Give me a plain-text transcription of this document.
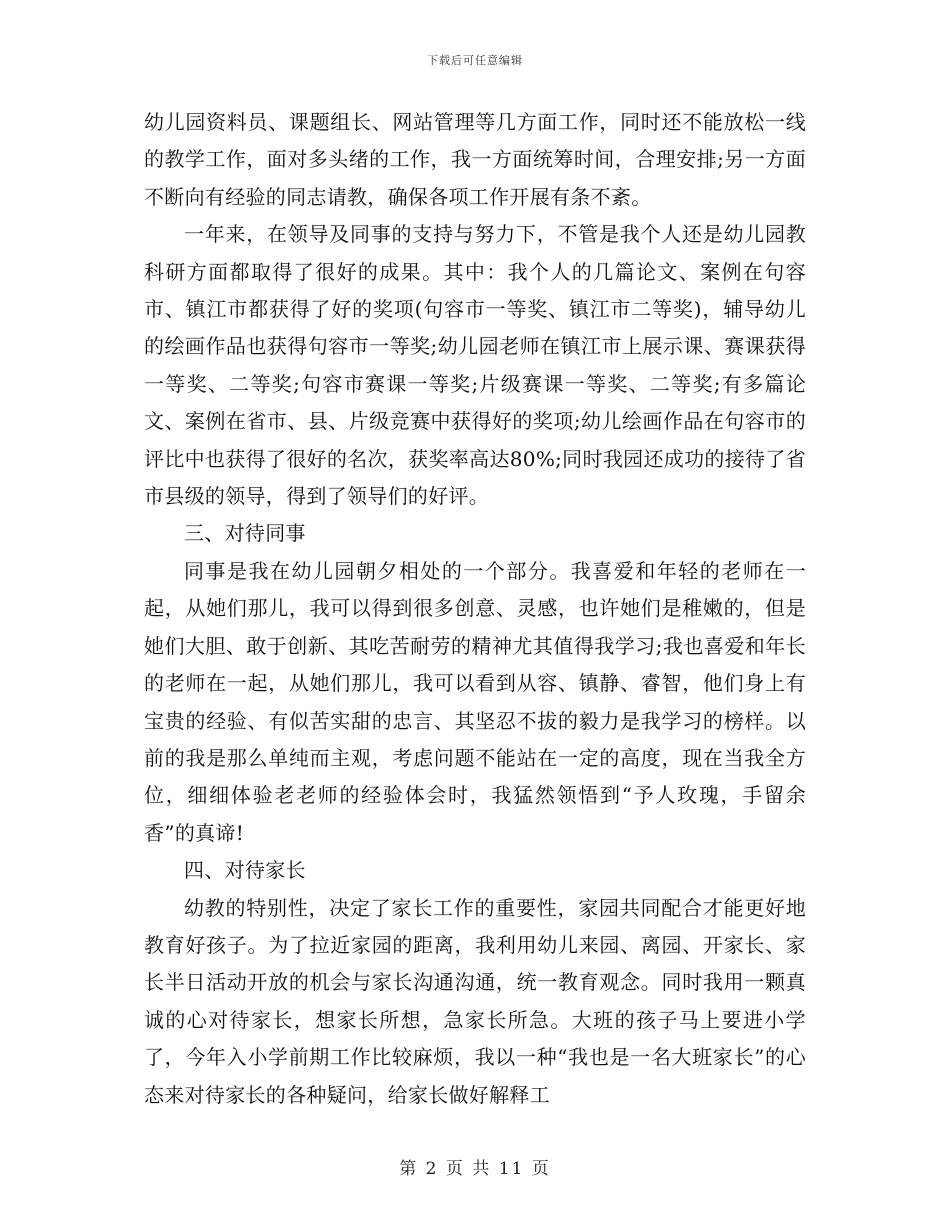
下载后可任意编辑

幼儿园资料员、课题组长、网站管理等几方面工作，同时还不能放松一线的教学工作，面对多头绪的工作，我一方面统筹时间，合理安排;另一方面不断向有经验的同志请教，确保各项工作开展有条不紊。

一年来，在领导及同事的支持与努力下，不管是我个人还是幼儿园教科研方面都取得了很好的成果。其中：我个人的几篇论文、案例在句容市、镇江市都获得了好的奖项(句容市一等奖、镇江市二等奖)，辅导幼儿的绘画作品也获得句容市一等奖;幼儿园老师在镇江市上展示课、赛课获得一等奖、二等奖;句容市赛课一等奖;片级赛课一等奖、二等奖;有多篇论文、案例在省市、县、片级竞赛中获得好的奖项;幼儿绘画作品在句容市的评比中也获得了很好的名次，获奖率高达80%;同时我园还成功的接待了省市县级的领导，得到了领导们的好评。

三、对待同事

同事是我在幼儿园朝夕相处的一个部分。我喜爱和年轻的老师在一起，从她们那儿，我可以得到很多创意、灵感，也许她们是稚嫩的，但是她们大胆、敢于创新、其吃苦耐劳的精神尤其值得我学习;我也喜爱和年长的老师在一起，从她们那儿，我可以看到从容、镇静、睿智，他们身上有宝贵的经验、有似苦实甜的忠言、其坚忍不拔的毅力是我学习的榜样。以前的我是那么单纯而主观，考虑问题不能站在一定的高度，现在当我全方位，细细体验老老师的经验体会时，我猛然领悟到“予人玫瑰，手留余香”的真谛!

四、对待家长

幼教的特别性，决定了家长工作的重要性，家园共同配合才能更好地教育好孩子。为了拉近家园的距离，我利用幼儿来园、离园、开家长、家长半日活动开放的机会与家长沟通沟通，统一教育观念。同时我用一颗真诚的心对待家长，想家长所想，急家长所急。大班的孩子马上要进小学了，今年入小学前期工作比较麻烦，我以一种“我也是一名大班家长”的心态来对待家长的各种疑问，给家长做好解释工

第 2 页 共 11 页
